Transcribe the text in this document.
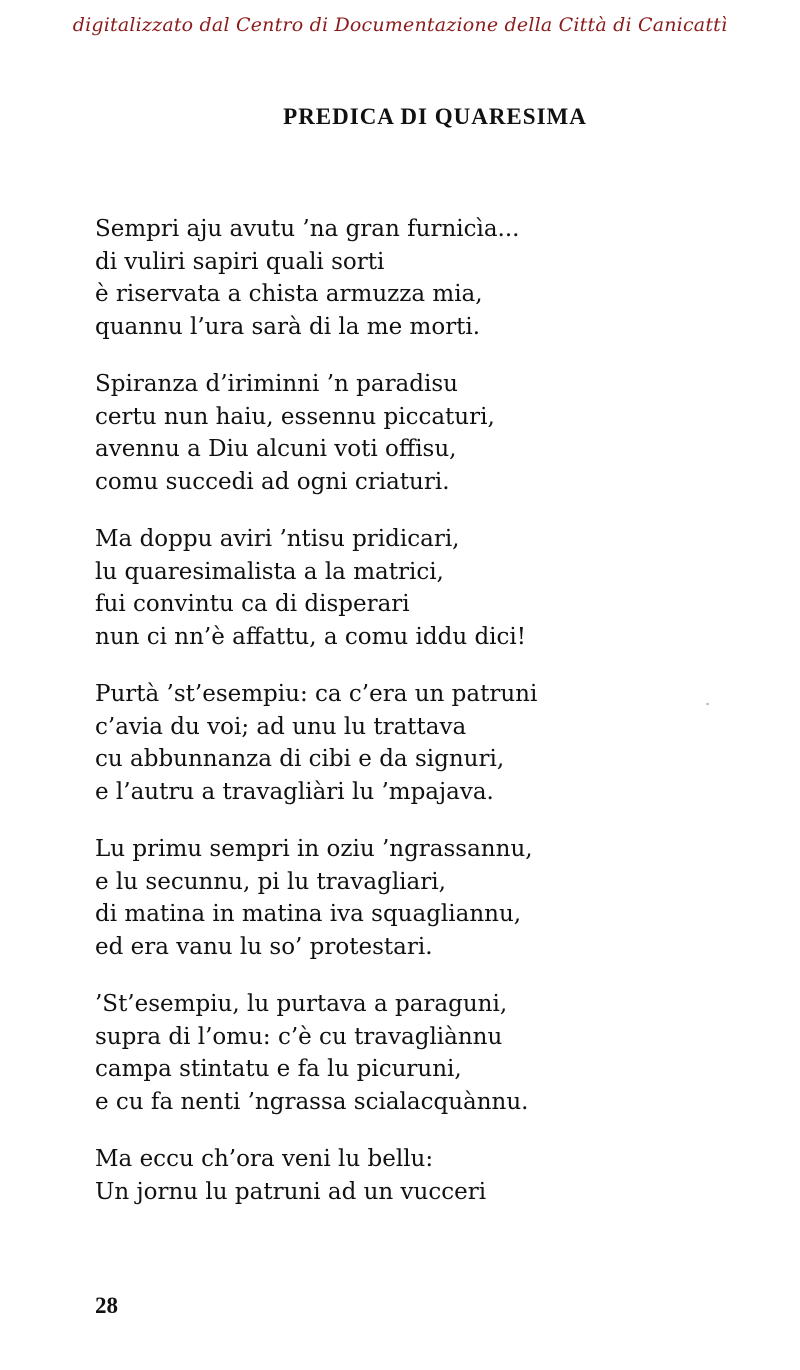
digitalizzato dal Centro di Documentazione della Città di Canicattì
PREDICA DI QUARESIMA
Sempri aju avutu ’na gran furnicìa...
di vuliri sapiri quali sorti
è riservata a chista armuzza mia,
quannu l’ura sarà di la me morti.
Spiranza d’iriminni ’n paradisu
certu nun haiu, essennu piccaturi,
avennu a Diu alcuni voti offisu,
comu succedi ad ogni criaturi.
Ma doppu aviri ’ntisu pridicari,
lu quaresimalista a la matrici,
fui convintu ca di disperari
nun ci nn’è affattu, a comu iddu dici!
Purtà ’st’esempiu: ca c’era un patruni
c’avia du voi; ad unu lu trattava
cu abbunnanza di cibi e da signuri,
e l’autru a travagliàri lu ’mpajava.
Lu primu sempri in oziu ’ngrassannu,
e lu secunnu, pi lu travagliari,
di matina in matina iva squagliannu,
ed era vanu lu so’ protestari.
’St’esempiu, lu purtava a paraguni,
supra di l’omu: c’è cu travagliànnu
campa stintatu e fa lu picuruni,
e cu fa nenti ’ngrassa scialacquànnu.
Ma eccu ch’ora veni lu bellu:
Un jornu lu patruni ad un vucceri
28
